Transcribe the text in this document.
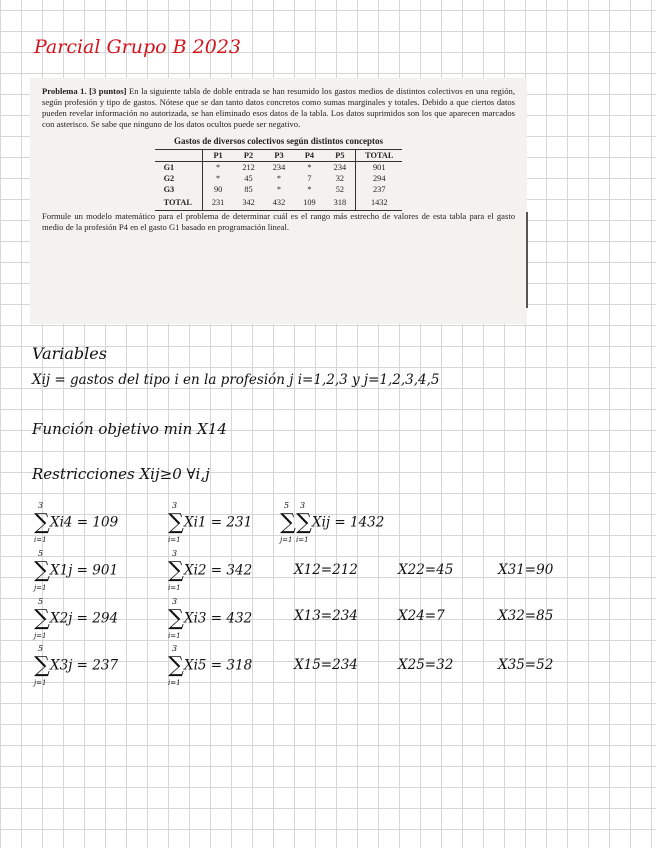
Parcial Grupo B 2023

Problema 1. [3 puntos] En la siguiente tabla de doble entrada se han resumido los gastos medios de distintos colectivos en una región, según profesión y tipo de gastos. Nótese que se dan tanto datos concretos como sumas marginales y totales. Debido a que ciertos datos pueden revelar información no autorizada, se han eliminado esos datos de la tabla. Los datos suprimidos son los que aparecen marcados con asterisco. Se sabe que ninguno de los datos ocultos puede ser negativo.

Gastos de diversos colectivos según distintos conceptos
	P1	P2	P3	P4	P5	TOTAL
G1	*	212	234	*	234	901
G2	*	45	*	7	32	294
G3	90	85	*	*	52	237
TOTAL	231	342	432	109	318	1432

Formule un modelo matemático para el problema de determinar cuál es el rango más estrecho de valores de esta tabla para el gasto medio de la profesión P4 en el gasto G1 basado en programación lineal.

Variables
Xij = gastos del tipo i en la profesión j i=1,2,3 y j=1,2,3,4,5
Función objetivo min X14
Restricciones Xij≥0 ∀i,j
∑
3
i=1
Xi4 = 109 ∑
3
i=1
Xi1 = 231 ∑
5
j=1
∑
3
i=1
Xij = 1432
∑
5
j=1
X1j = 901 ∑
3
i=1
Xi2 = 342	X12=212	X22=45	X31=90
∑
5
j=1
X2j = 294 ∑
3
i=1
Xi3 = 432	X13=234	X24=7	X32=85
∑
5
j=1
X3j = 237 ∑
3
i=1
Xi5 = 318	X15=234	X25=32	X35=52
